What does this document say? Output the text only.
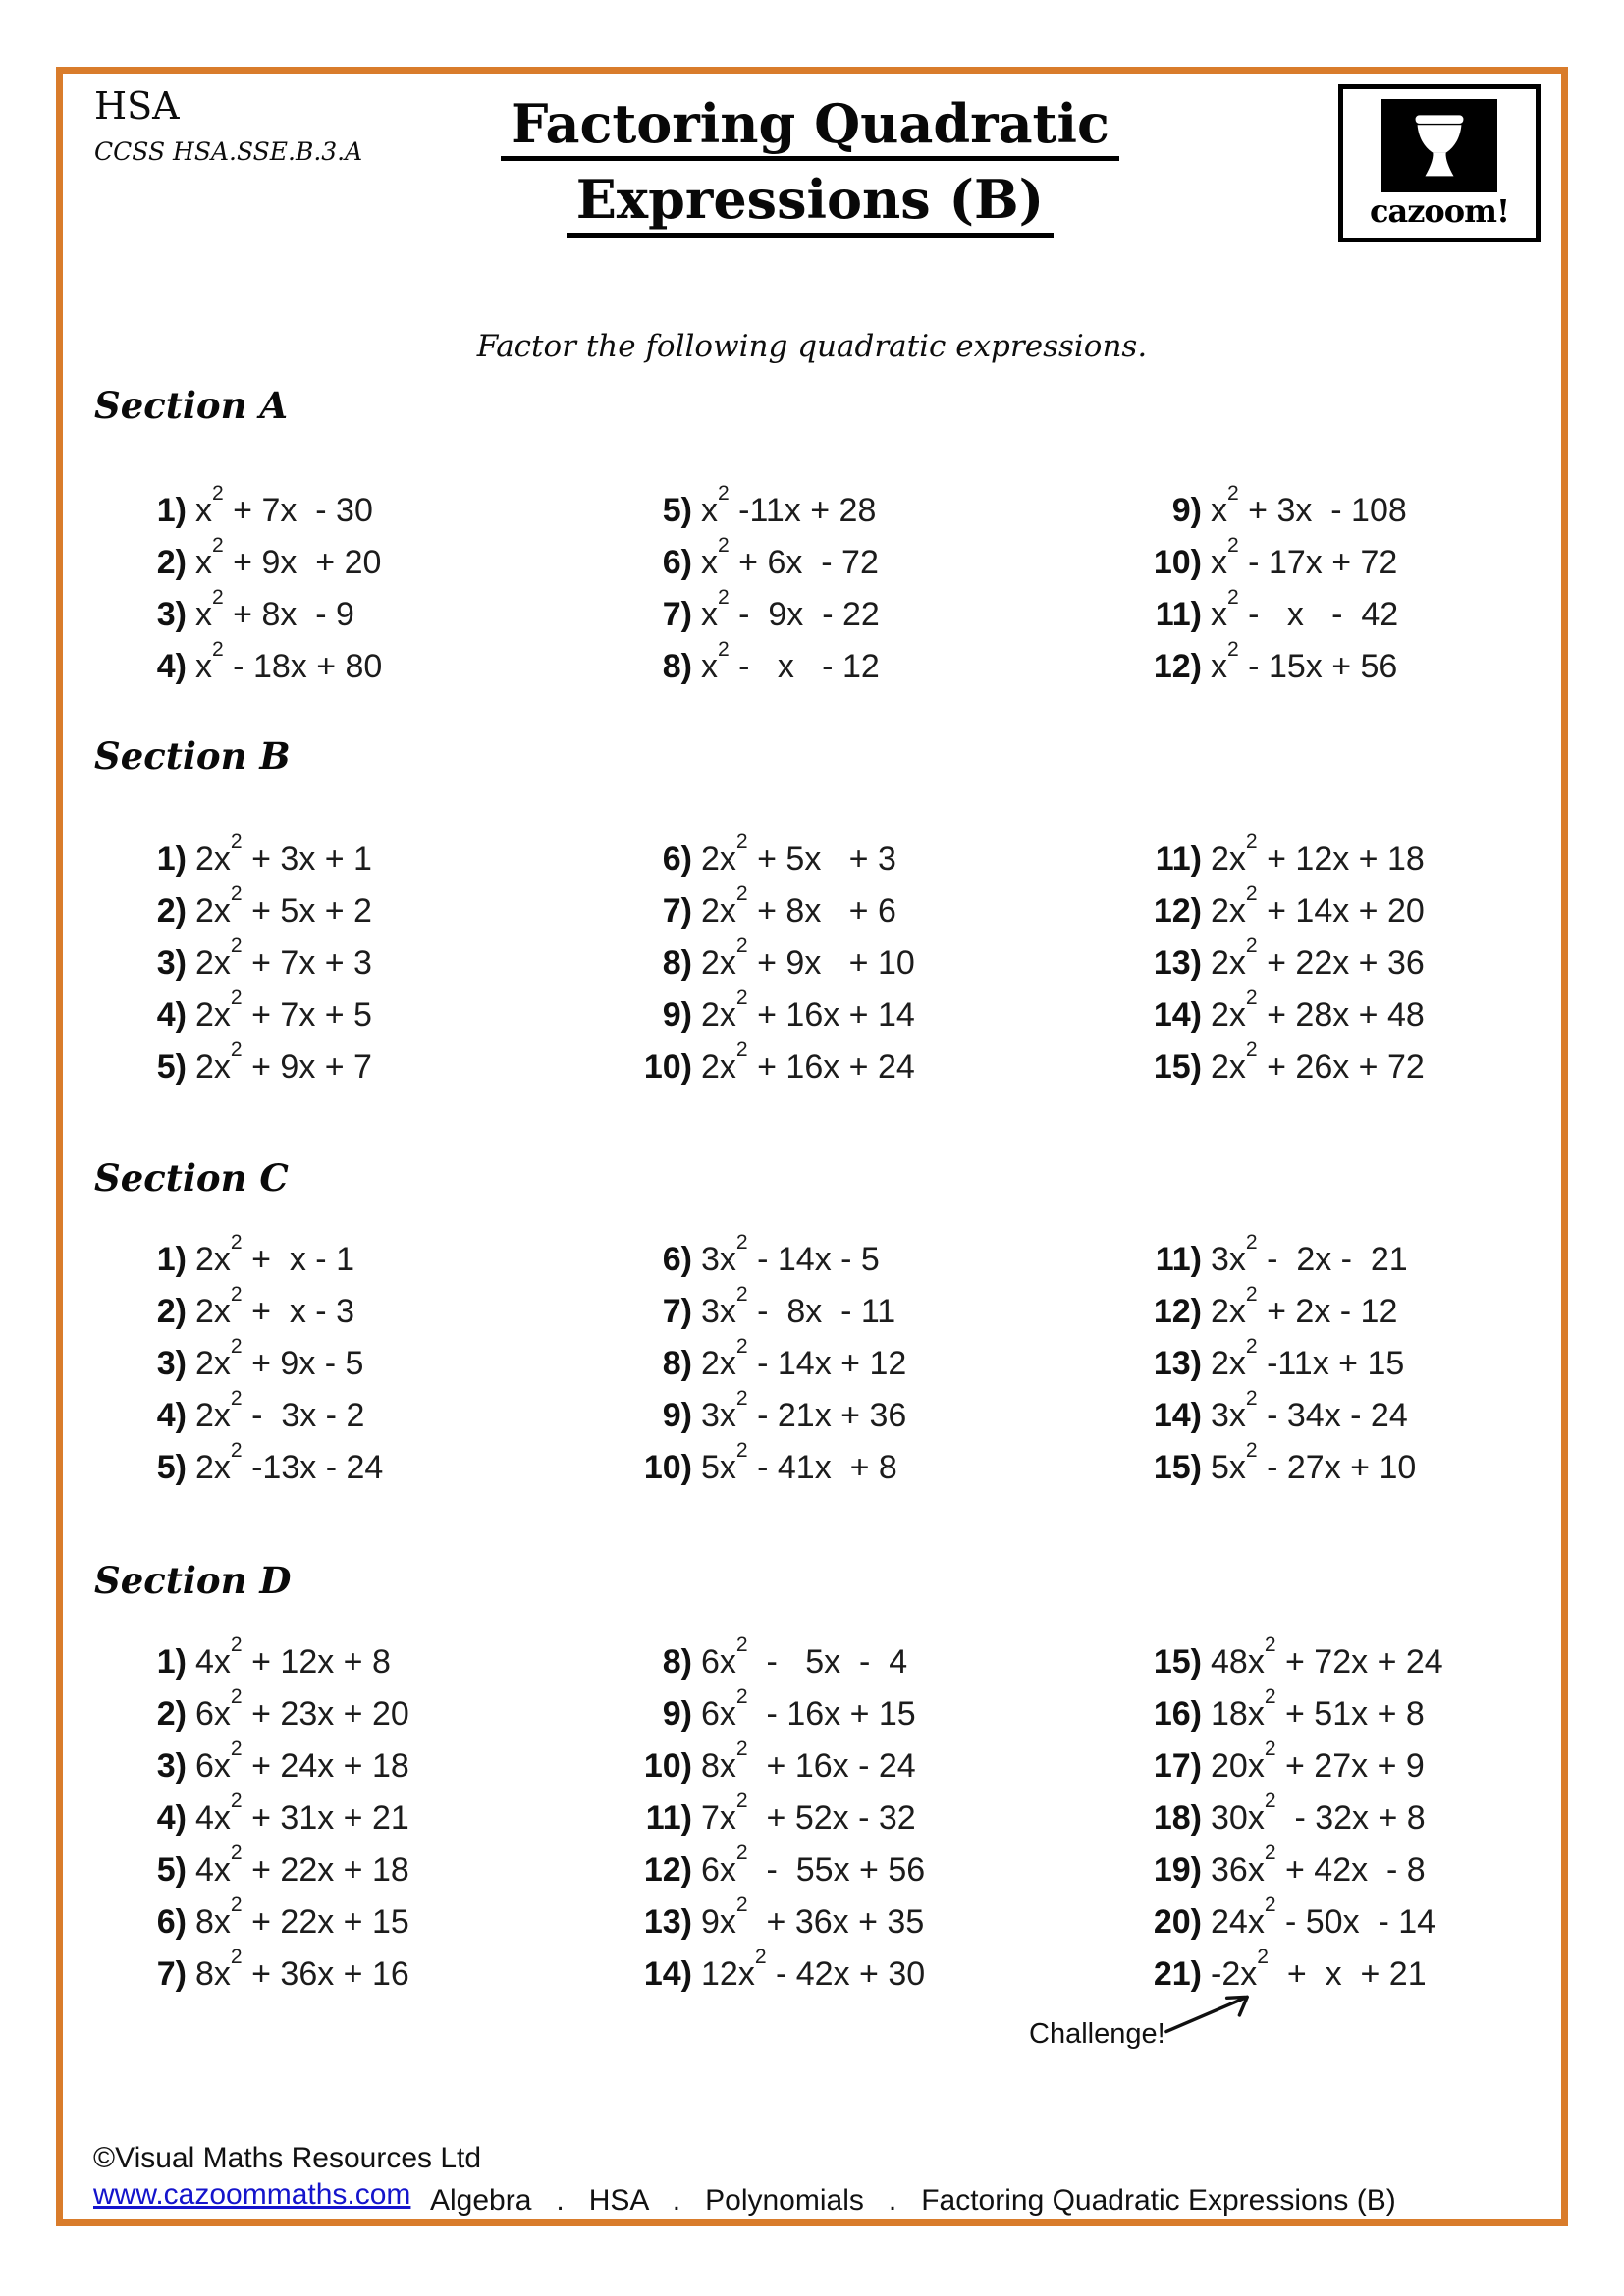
HSA
CCSS HSA.SSE.B.3.A	Factoring Quadratic
Expressions (B)	cazoom!
Factor the following quadratic expressions.
Section A
1) $x^2 + 7x - 30$
2) $x^2 + 9x + 20$
3) $x^2 + 8x - 9$
4) $x^2 - 18x + 80$
5) $x^2$ -11x + 28
6) $x^2 + 6x - 72$
7) $x^2 - 9x - 22$
8) $x^2$ -   x   - 12
9) $x^2 + 3x - 108$
10) $x^2 - 17x + 72$
11) $x^2$ -   x   -  42
12) $x^2 - 15x + 56$
Section B
1) $2x^2 + 3x + 1$
2) $2x^2 + 5x + 2$
3) $2x^2 + 7x + 3$
4) $2x^2 + 7x + 5$
5) $2x^2 + 9x + 7$
6) $2x^2 + 5x + 3$
7) $2x^2 + 8x + 6$
8) $2x^2 + 9x + 10$
9) $2x^2 + 16x + 14$
10) $2x^2 + 16x + 24$
11) $2x^2 + 12x + 18$
12) $2x^2 + 14x + 20$
13) $2x^2 + 22x + 36$
14) $2x^2 + 28x + 48$
15) $2x^2 + 26x + 72$
Section C
1) $2x^2 + x - 1$
2) $2x^2 + x - 3$
3) $2x^2 + 9x - 5$
4) $2x^2 - 3x - 2$
5) $2x^2$ -13x - 24
6) $3x^2 - 14x - 5$
7) $3x^2 - 8x - 11$
8) $2x^2 - 14x + 12$
9) $3x^2 - 21x + 36$
10) $5x^2 - 41x + 8$
11) $3x^2 - 2x - 21$
12) $2x^2 + 2x - 12$
13) $2x^2$ -11x + 15
14) $3x^2 - 34x - 24$
15) $5x^2 - 27x + 10$
Section D
1) $4x^2 + 12x + 8$
2) $6x^2 + 23x + 20$
3) $6x^2 + 24x + 18$
4) $4x^2 + 31x + 21$
5) $4x^2 + 22x + 18$
6) $8x^2 + 22x + 15$
7) $8x^2 + 36x + 16$
8) $6x^2 - 5x - 4$
9) $6x^2 - 16x + 15$
10) $8x^2 + 16x - 24$
11) $7x^2 + 52x - 32$
12) $6x^2 - 55x + 56$
13) $9x^2 + 36x + 35$
14) $12x^2 - 42x + 30$
15) $48x^2 + 72x + 24$
16) $18x^2 + 51x + 8$
17) $20x^2 + 27x + 9$
18) $30x^2 - 32x + 8$
19) $36x^2 + 42x - 8$
20) $24x^2 - 50x - 14$
21) $-2x^2 + x + 21$
Challenge!
©Visual Maths Resources Ltd
www.cazoommaths.com Algebra   .   HSA   .   Polynomials   .   Factoring Quadratic Expressions (B)
